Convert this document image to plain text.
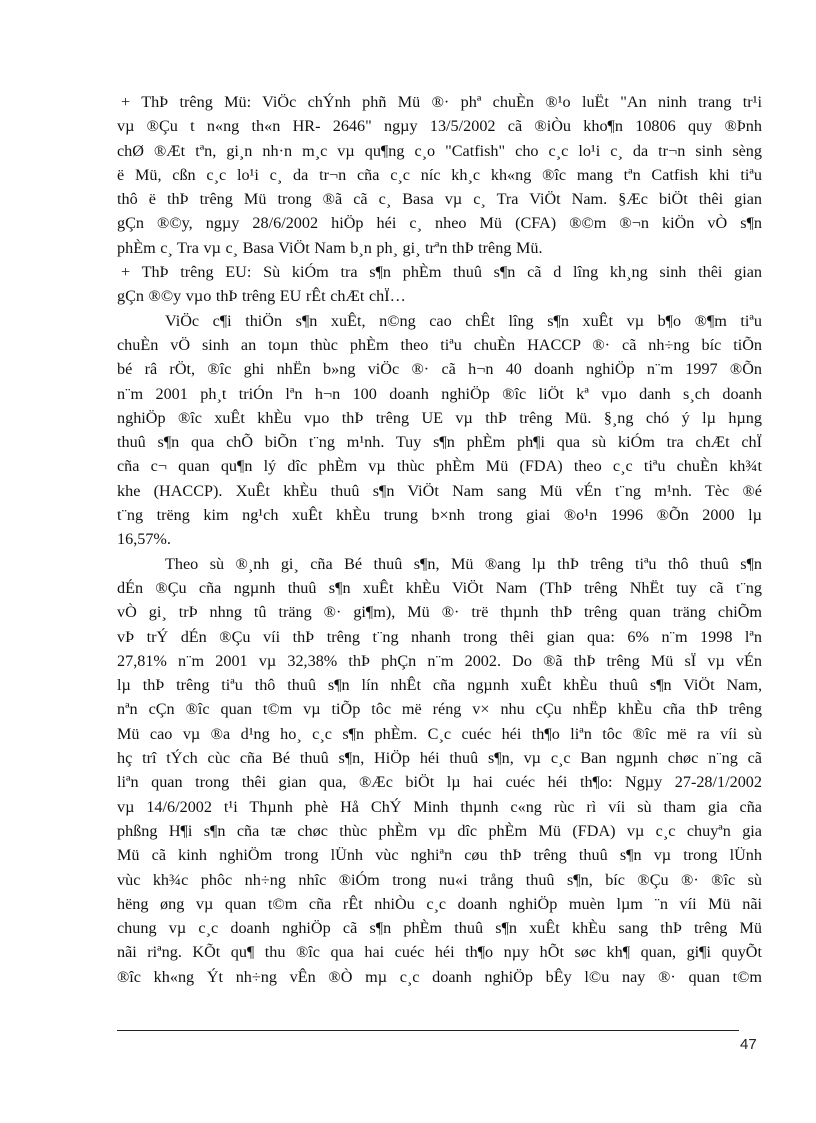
+ ThÞ trêng Mü: ViÖc chÝnh phñ Mü ®· phª chuÈn ®¹o luËt "An ninh trang tr¹i
vµ ®Çu t n«ng th«n HR- 2646" ngµy 13/5/2002 cã ®iÒu kho¶n 10806 quy ®Þnh
chØ ®Æt tªn, gi¸n nh·n m¸c vµ qu¶ng c¸o "Catfish" cho c¸c lo¹i c¸ da tr¬n sinh sèng
ë Mü, cßn c¸c lo¹i c¸ da tr¬n cña c¸c níc kh¸c kh«ng ®îc mang tªn Catfish khi tiªu
thô ë thÞ trêng Mü trong ®ã cã c¸ Basa vµ c¸ Tra ViÖt Nam. §Æc biÖt thêi gian
gÇn ®©y, ngµy 28/6/2002 hiÖp héi c¸ nheo Mü (CFA) ®©m ®¬n kiÖn vÒ s¶n
phÈm c¸ Tra vµ c¸ Basa ViÖt Nam b¸n ph¸ gi¸ trªn thÞ trêng Mü.

+ ThÞ trêng EU: Sù kiÓm tra s¶n phÈm thuû s¶n cã d lîng kh¸ng sinh thêi gian
gÇn ®©y vµo thÞ trêng EU rÊt chÆt chÏ…

ViÖc c¶i thiÖn s¶n xuÊt, n©ng cao chÊt lîng s¶n xuÊt vµ b¶o ®¶m tiªu
chuÈn vÖ sinh an toµn thùc phÈm theo tiªu chuÈn HACCP ®· cã nh÷ng bíc tiÕn
bé râ rÖt, ®îc ghi nhËn b»ng viÖc ®· cã h¬n 40 doanh nghiÖp n¨m 1997 ®Õn
n¨m 2001 ph¸t triÓn lªn h¬n 100 doanh nghiÖp ®îc liÖt kª vµo danh s¸ch doanh
nghiÖp ®îc xuÊt khÈu vµo thÞ trêng UE vµ thÞ trêng Mü. §¸ng chó ý lµ hµng
thuû s¶n qua chÕ biÕn t¨ng m¹nh. Tuy s¶n phÈm ph¶i qua sù kiÓm tra chÆt chÏ
cña c¬ quan qu¶n lý dîc phÈm vµ thùc phÈm Mü (FDA) theo c¸c tiªu chuÈn kh¾t
khe (HACCP). XuÊt khÈu thuû s¶n ViÖt Nam sang Mü vÉn t¨ng m¹nh. Tèc ®é
t¨ng trëng kim ng¹ch xuÊt khÈu trung b×nh trong giai ®o¹n 1996 ®Õn 2000 lµ
16,57%.

Theo sù ®¸nh gi¸ cña Bé thuû s¶n, Mü ®ang lµ thÞ trêng tiªu thô thuû s¶n
dÉn ®Çu cña ngµnh thuû s¶n xuÊt khÈu ViÖt Nam (ThÞ trêng NhËt tuy cã t¨ng
vÒ gi¸ trÞ nhng tû träng ®· gi¶m), Mü ®· trë thµnh thÞ trêng quan träng chiÕm
vÞ trÝ dÉn ®Çu víi thÞ trêng t¨ng nhanh trong thêi gian qua: 6% n¨m 1998 lªn
27,81% n¨m 2001 vµ 32,38% thÞ phÇn n¨m 2002. Do ®ã thÞ trêng Mü sÏ vµ vÉn
lµ thÞ trêng tiªu thô thuû s¶n lín nhÊt cña ngµnh xuÊt khÈu thuû s¶n ViÖt Nam,
nªn cÇn ®îc quan t©m vµ tiÕp tôc më réng v× nhu cÇu nhËp khÈu cña thÞ trêng
Mü cao vµ ®a d¹ng ho¸ c¸c s¶n phÈm. C¸c cuéc héi th¶o liªn tôc ®îc më ra víi sù
hç trî tÝch cùc cña Bé thuû s¶n, HiÖp héi thuû s¶n, vµ c¸c Ban ngµnh chøc n¨ng cã
liªn quan trong thêi gian qua, ®Æc biÖt lµ hai cuéc héi th¶o: Ngµy 27-28/1/2002
vµ 14/6/2002 t¹i Thµnh phè Hå ChÝ Minh thµnh c«ng rùc rì víi sù tham gia cña
phßng H¶i s¶n cña tæ chøc thùc phÈm vµ dîc phÈm Mü (FDA) vµ c¸c chuyªn gia
Mü cã kinh nghiÖm trong lÜnh vùc nghiªn cøu thÞ trêng thuû s¶n vµ trong lÜnh
vùc kh¾c phôc nh÷ng nhîc ®iÓm trong nu«i trång thuû s¶n, bíc ®Çu ®· ®îc sù
hëng øng vµ quan t©m cña rÊt nhiÒu c¸c doanh nghiÖp muèn lµm ¨n víi Mü nãi
chung vµ c¸c doanh nghiÖp cã s¶n phÈm thuû s¶n xuÊt khÈu sang thÞ trêng Mü
nãi riªng. KÕt qu¶ thu ®îc qua hai cuéc héi th¶o nµy hÕt søc kh¶ quan, gi¶i quyÕt
®îc kh«ng Ýt nh÷ng vÊn ®Ò mµ c¸c doanh nghiÖp bÊy l©u nay ®· quan t©m

47
